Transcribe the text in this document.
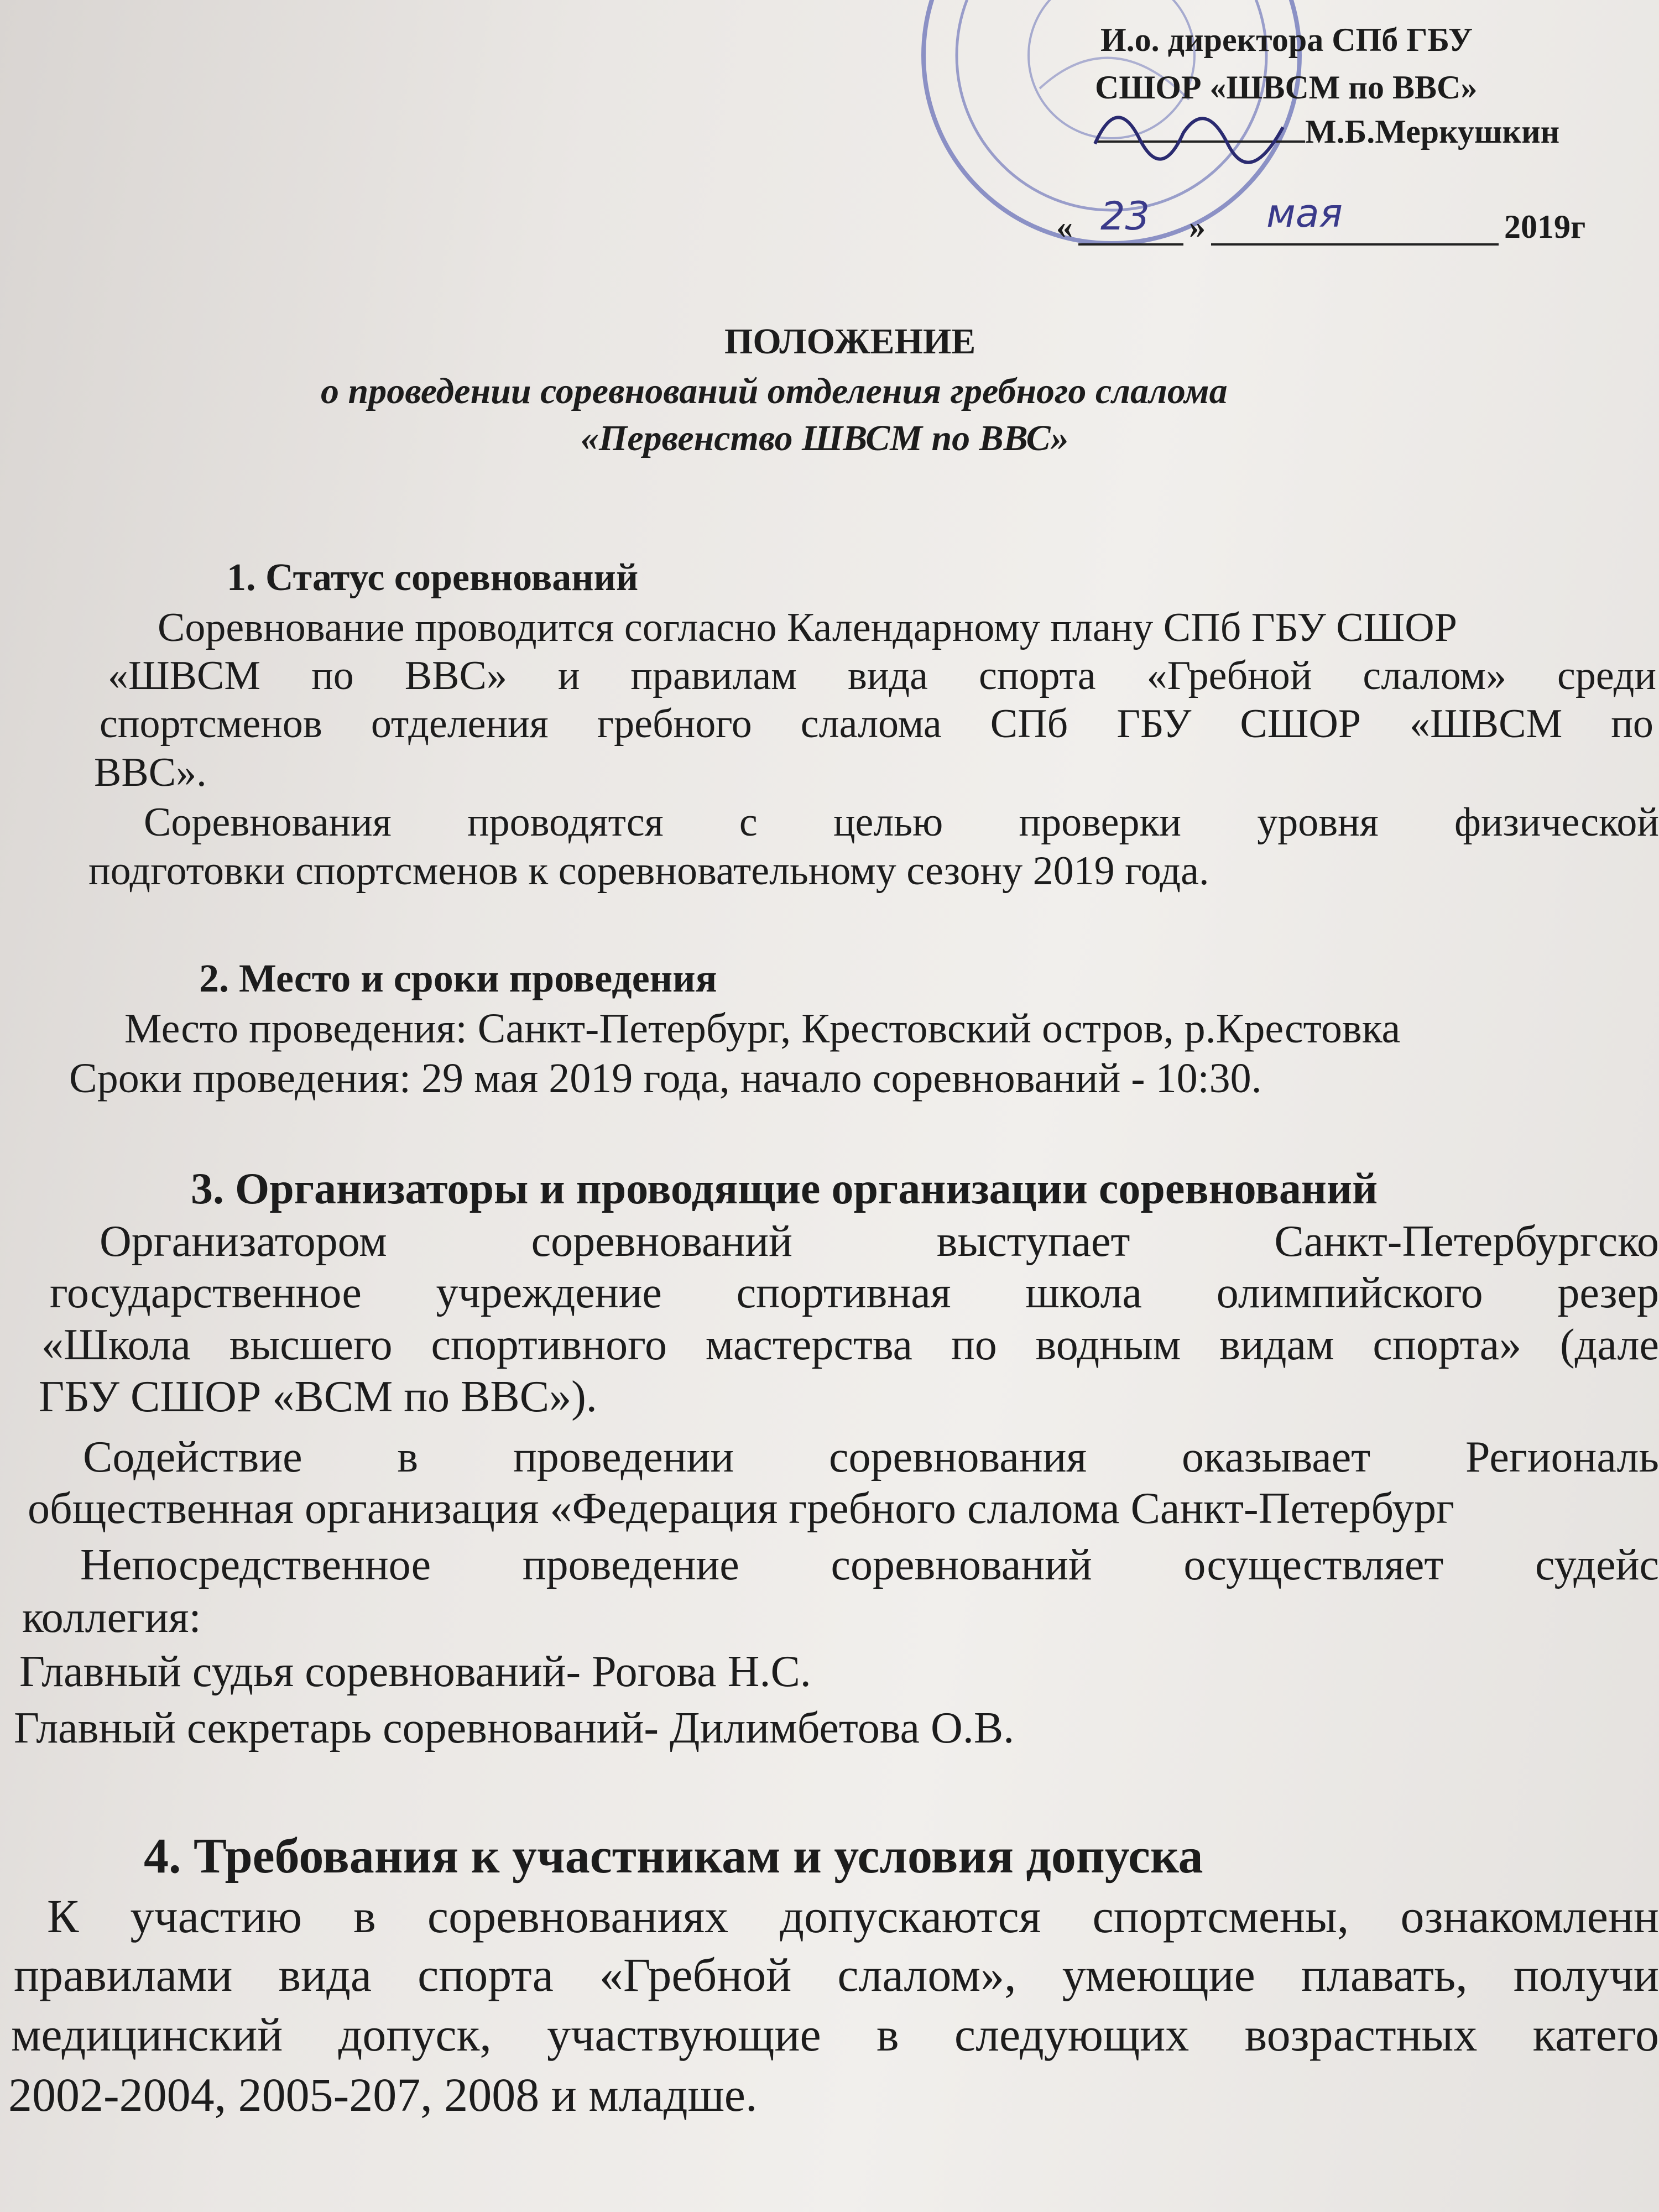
И.о. директора СПб ГБУ
СШОР «ШВСМ по ВВС»
М.Б.Меркушкин
« 23 » мая	2019г
ПОЛОЖЕНИЕ
о проведении соревнований отделения гребного слалома
«Первенство ШВСМ по ВВС»
1. Статус соревнований
Соревнование проводится согласно Календарному плану СПб ГБУ СШОР
«ШВСМ по ВВС» и правилам вида спорта «Гребной слалом» среди
спортсменов отделения гребного слалома СПб ГБУ СШОР «ШВСМ по
ВВС».
Соревнования проводятся с целью проверки уровня физической
подготовки спортсменов к соревновательному сезону 2019 года.
2. Место и сроки проведения
Место проведения: Санкт-Петербург, Крестовский остров, р.Крестовка
Сроки проведения: 29 мая 2019 года, начало соревнований - 10:30.
3. Организаторы и проводящие организации соревнований
Организатором	соревнований	выступает	Санкт-Петербургско
государственное учреждение спортивная школа олимпийского резер
«Школа высшего спортивного мастерства по водным видам спорта» (дале
ГБУ СШОР «ВСМ по ВВС»).
Содействие в проведении соревнования оказывает Региональ
общественная организация «Федерация гребного слалома Санкт-Петербург
Непосредственное проведение соревнований осуществляет судейс
коллегия:
Главный судья соревнований- Рогова Н.С.
Главный секретарь соревнований- Дилимбетова О.В.
4. Требования к участникам и условия допуска
К участию в соревнованиях допускаются спортсмены, ознакомленн
правилами вида спорта «Гребной слалом», умеющие плавать, получи
медицинский допуск, участвующие в следующих возрастных катего
2002-2004, 2005-207, 2008 и младше.
